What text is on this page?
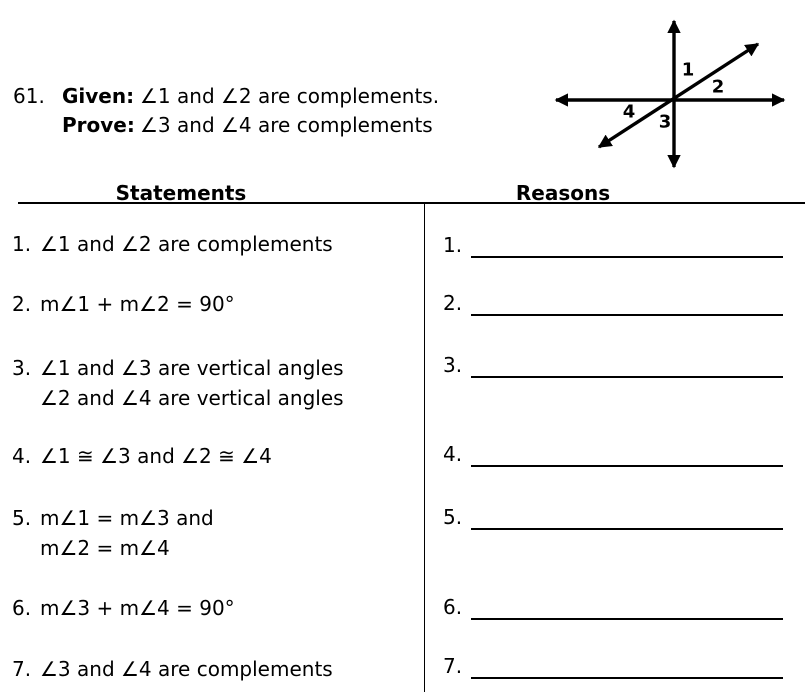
61. Given: ∠1 and ∠2 are complements.
Prove: ∠3 and ∠4 are complements
1
2
3
4
Statements	Reasons
1. ∠1 and ∠2 are complements
2. m∠1 + m∠2 = 90°
3. ∠1 and ∠3 are vertical angles
∠2 and ∠4 are vertical angles
4. ∠1 ≅ ∠3 and ∠2 ≅ ∠4
5. m∠1 = m∠3 and
m∠2 = m∠4
6. m∠3 + m∠4 = 90°
7. ∠3 and ∠4 are complements
1.
2.
3.
4.
5.
6.
7.
